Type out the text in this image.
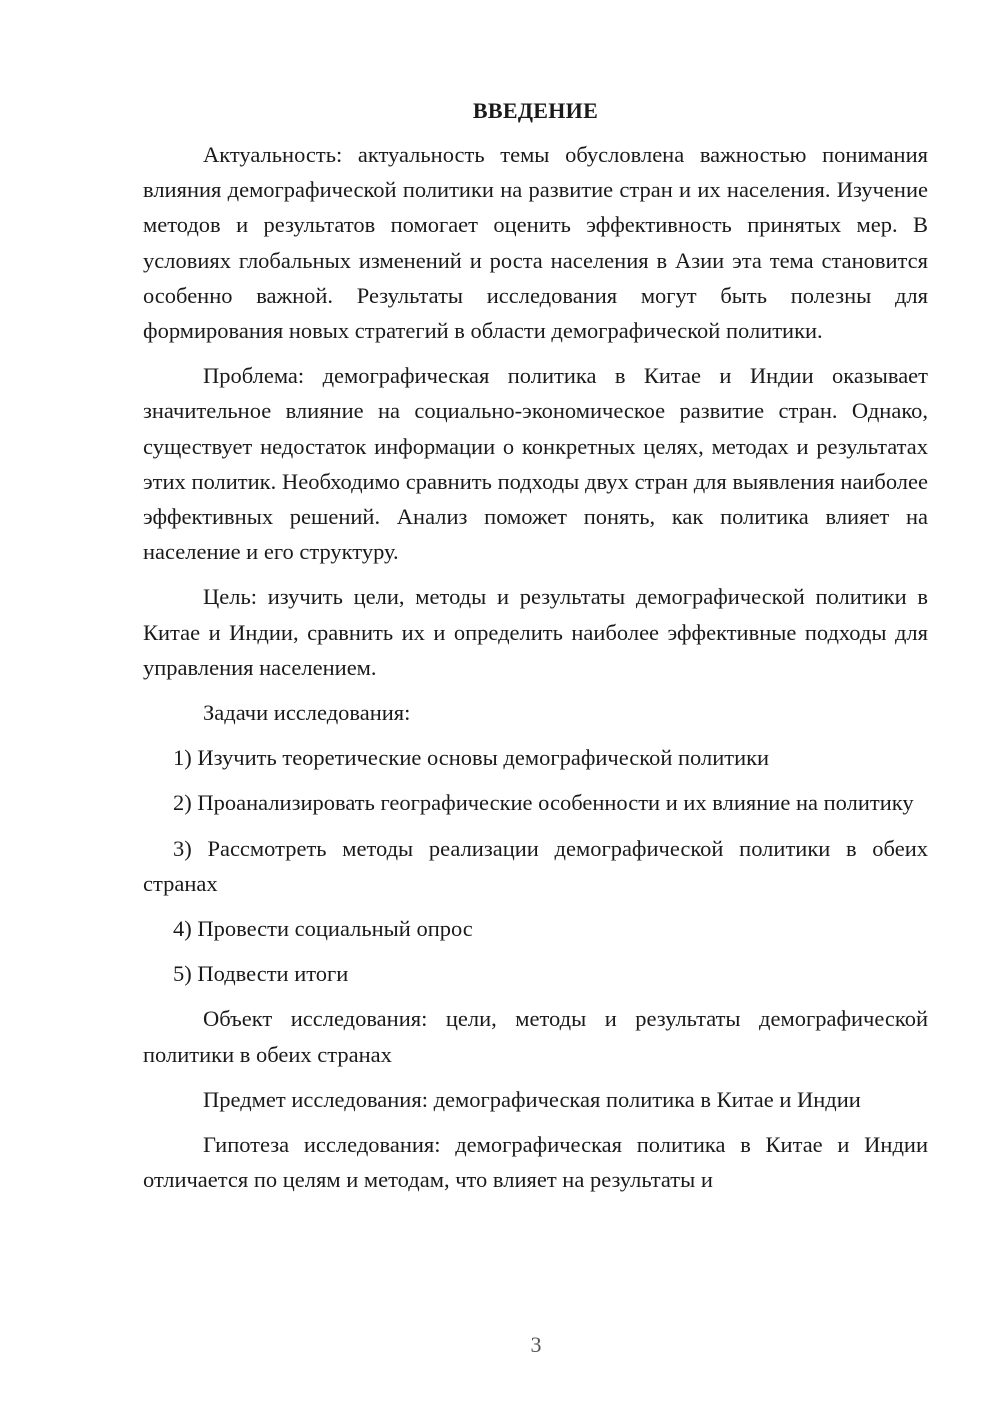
ВВЕДЕНИЕ

Актуальность: актуальность темы обусловлена важностью понимания влияния демографической политики на развитие стран и их населения. Изучение методов и результатов помогает оценить эффективность принятых мер. В условиях глобальных изменений и роста населения в Азии эта тема становится особенно важной. Результаты исследования могут быть полезны для формирования новых стратегий в области демографической политики.

Проблема: демографическая политика в Китае и Индии оказывает значительное влияние на социально-экономическое развитие стран. Однако, существует недостаток информации о конкретных целях, методах и результатах этих политик. Необходимо сравнить подходы двух стран для выявления наиболее эффективных решений. Анализ поможет понять, как политика влияет на население и его структуру.

Цель: изучить цели, методы и результаты демографической политики в Китае и Индии, сравнить их и определить наиболее эффективные подходы для управления населением.

Задачи исследования:

1) Изучить теоретические основы демографической политики

2) Проанализировать географические особенности и их влияние на политику

3) Рассмотреть методы реализации демографической политики в обеих странах

4) Провести социальный опрос

5) Подвести итоги

Объект исследования: цели, методы и результаты демографической политики в обеих странах

Предмет исследования: демографическая политика в Китае и Индии

Гипотеза исследования: демографическая политика в Китае и Индии отличается по целям и методам, что влияет на результаты и

3
